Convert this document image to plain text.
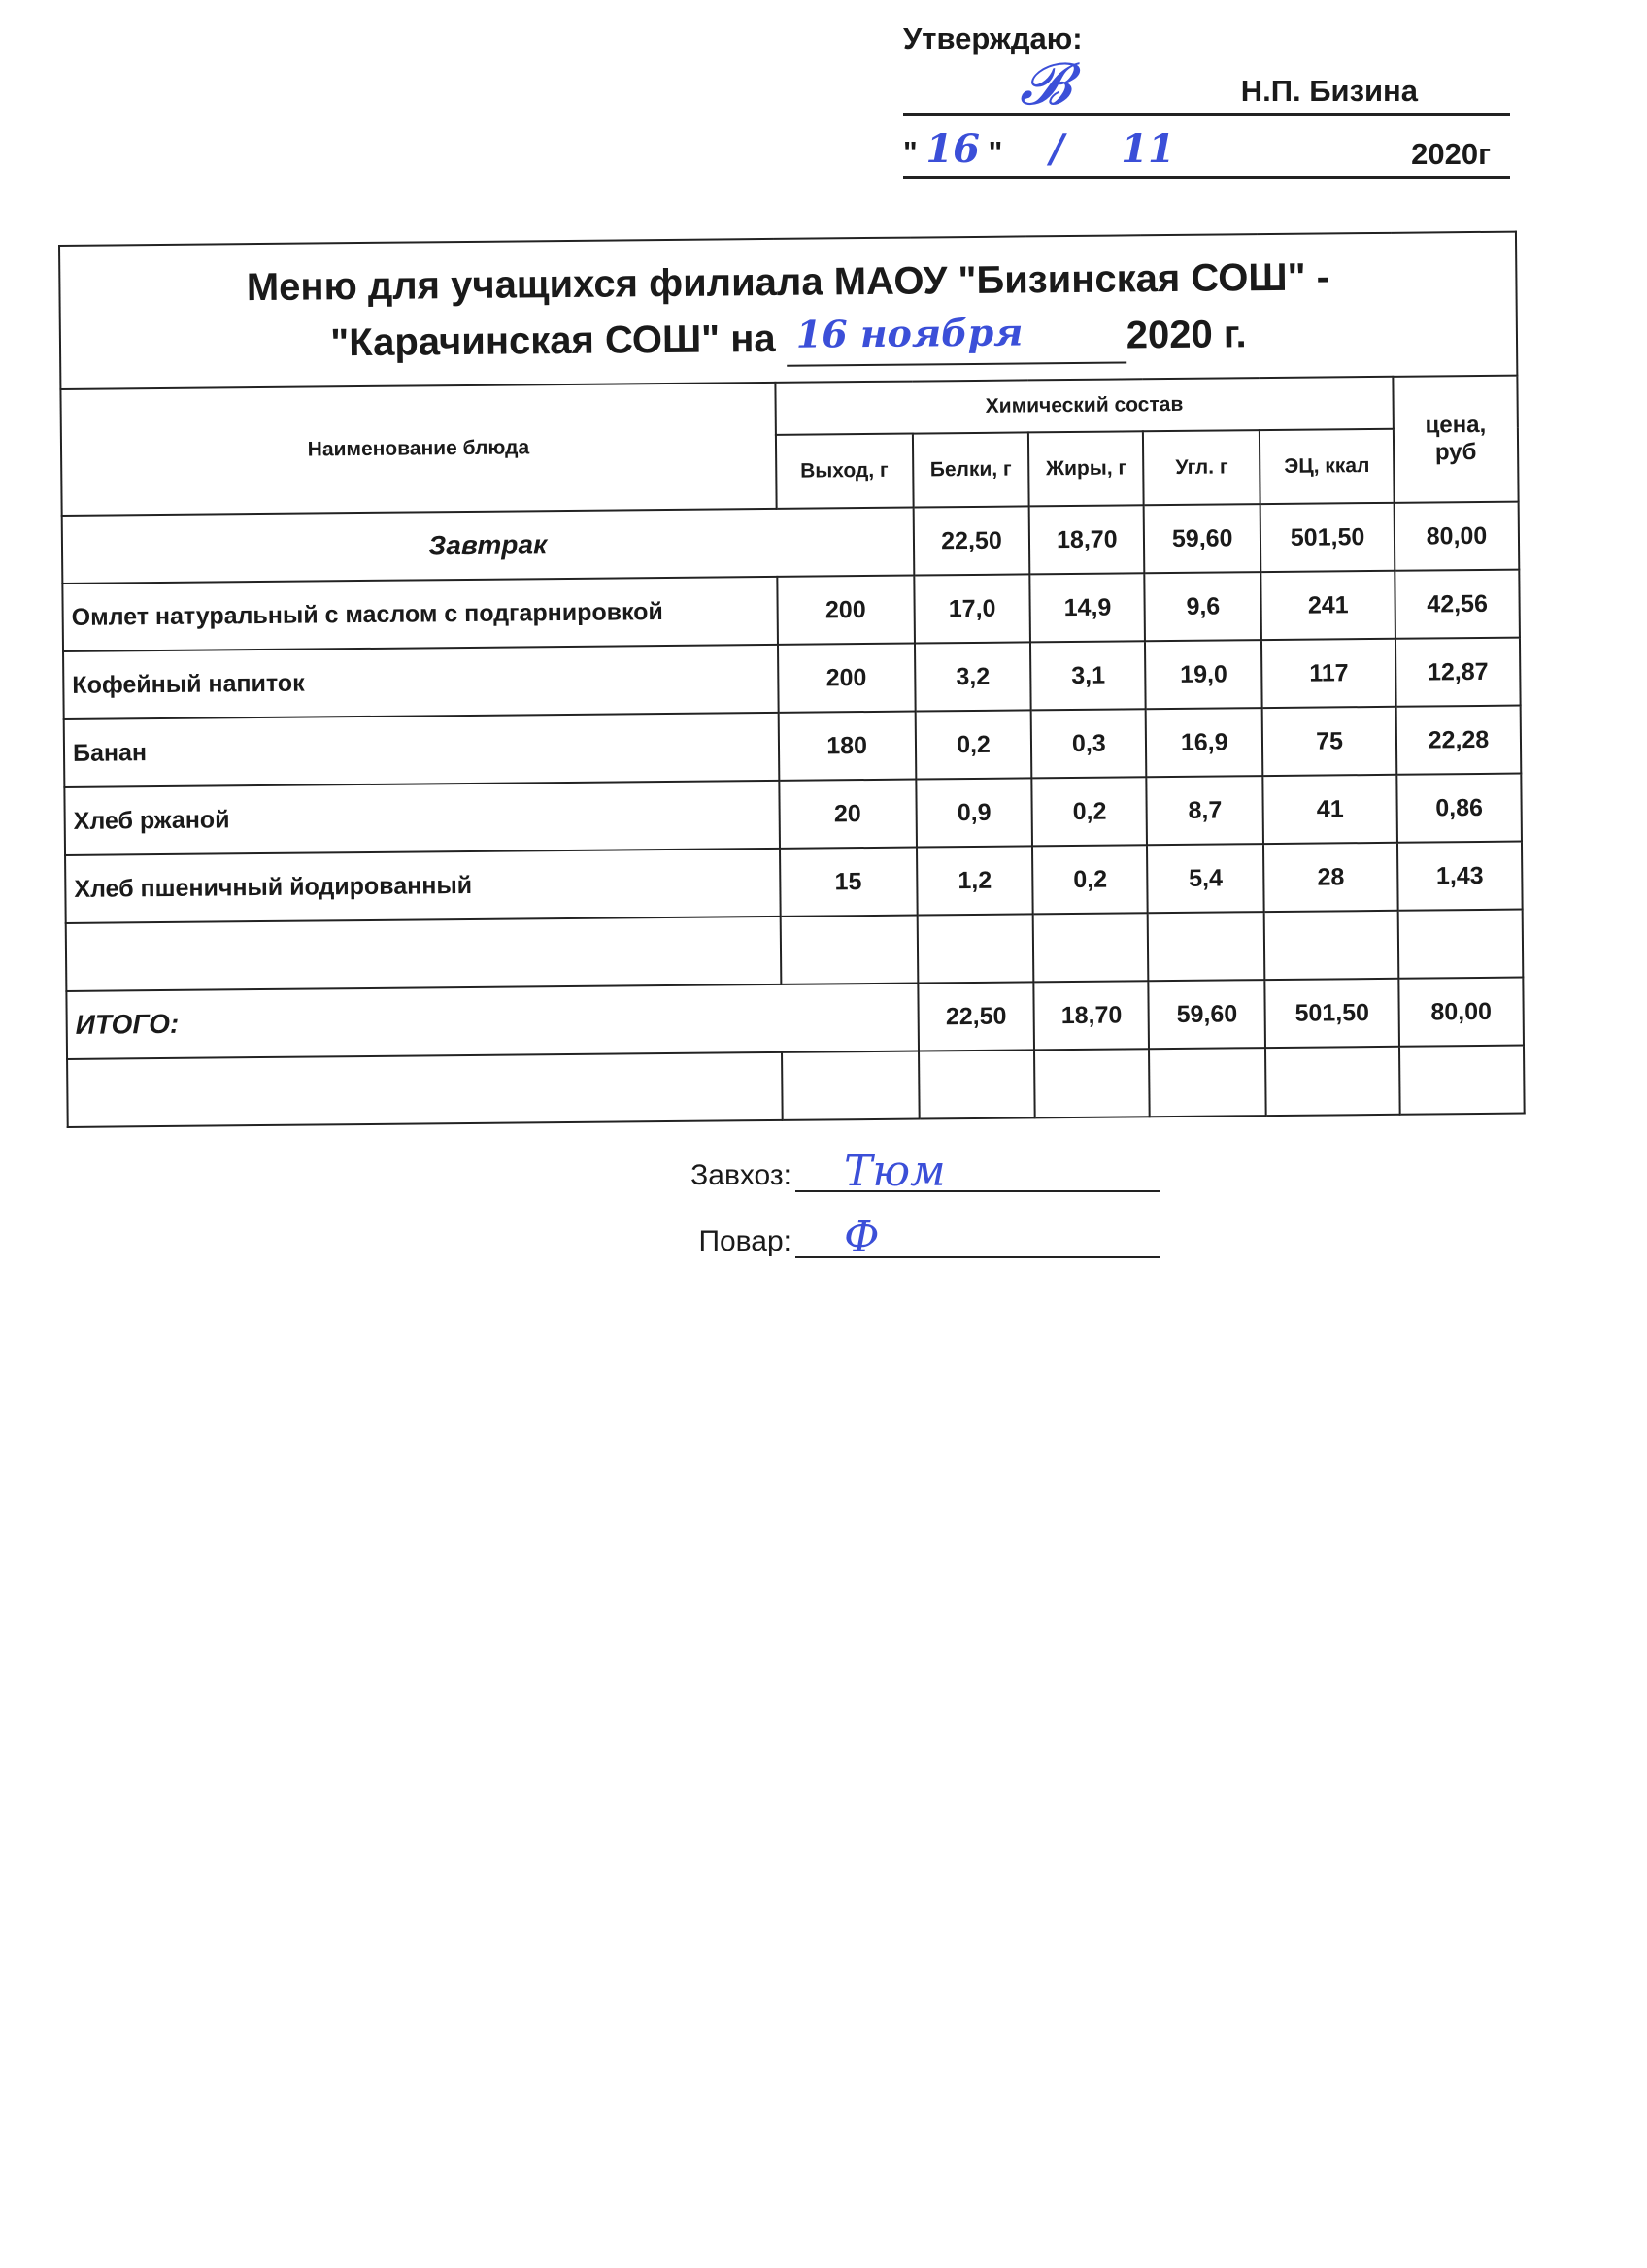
Утверждаю:
𝓑	Н.П. Бизина
" 16 " / 11	2020г
Меню для учащихся филиала МАОУ "Бизинская СОШ" -
"Карачинская СОШ" на 16 ноября 2020 г.						

Наименование блюда	Химический состав					цена, руб
	Выход, г	Белки, г	Жиры, г	Угл. г	ЭЦ, ккал	
Завтрак		22,50	18,70	59,60	501,50	80,00
Омлет натуральный с маслом с подгарнировкой	200	17,0	14,9	9,6	241	42,56
Кофейный напиток	200	3,2	3,1	19,0	117	12,87
Банан	180	0,2	0,3	16,9	75	22,28
Хлеб ржаной	20	0,9	0,2	8,7	41	0,86
Хлеб пшеничный йодированный	15	1,2	0,2	5,4	28	1,43

ИТОГО:		22,50	18,70	59,60	501,50	80,00

Завхоз: Тюм
Повар: Ф
